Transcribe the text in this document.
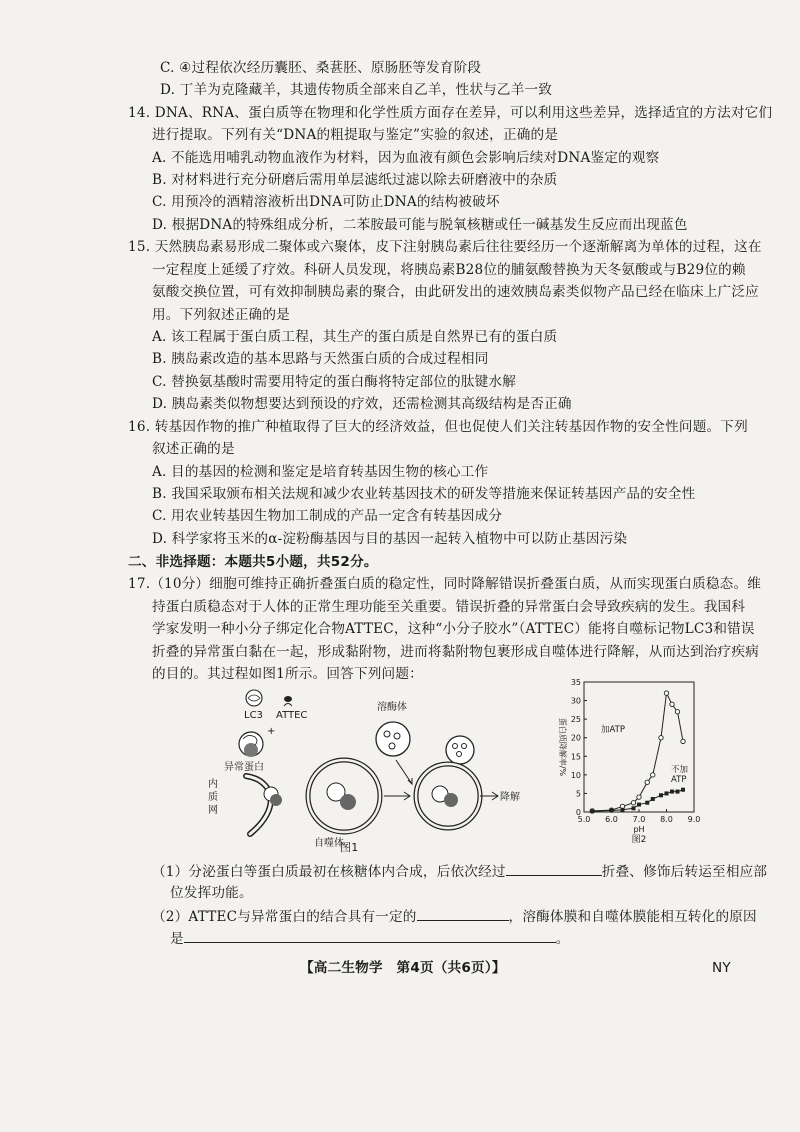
C. ④过程依次经历囊胚、桑葚胚、原肠胚等发育阶段
D. 丁羊为克隆藏羊，其遗传物质全部来自乙羊，性状与乙羊一致
14. DNA、RNA、蛋白质等在物理和化学性质方面存在差异，可以利用这些差异，选择适宜的方法对它们
进行提取。下列有关“DNA的粗提取与鉴定”实验的叙述，正确的是
A. 不能选用哺乳动物血液作为材料，因为血液有颜色会影响后续对DNA鉴定的观察
B. 对材料进行充分研磨后需用单层滤纸过滤以除去研磨液中的杂质
C. 用预冷的酒精溶液析出DNA可防止DNA的结构被破坏
D. 根据DNA的特殊组成分析，二苯胺最可能与脱氧核糖或任一碱基发生反应而出现蓝色
15. 天然胰岛素易形成二聚体或六聚体，皮下注射胰岛素后往往要经历一个逐渐解离为单体的过程，这在
一定程度上延缓了疗效。科研人员发现，将胰岛素B28位的脯氨酸替换为天冬氨酸或与B29位的赖
氨酸交换位置，可有效抑制胰岛素的聚合，由此研发出的速效胰岛素类似物产品已经在临床上广泛应
用。下列叙述正确的是
A. 该工程属于蛋白质工程，其生产的蛋白质是自然界已有的蛋白质
B. 胰岛素改造的基本思路与天然蛋白质的合成过程相同
C. 替换氨基酸时需要用特定的蛋白酶将特定部位的肽键水解
D. 胰岛素类似物想要达到预设的疗效，还需检测其高级结构是否正确
16. 转基因作物的推广种植取得了巨大的经济效益，但也促使人们关注转基因作物的安全性问题。下列
叙述正确的是
A. 目的基因的检测和鉴定是培育转基因生物的核心工作
B. 我国采取颁布相关法规和减少农业转基因技术的研发等措施来保证转基因产品的安全性
C. 用农业转基因生物加工制成的产品一定含有转基因成分
D. 科学家将玉米的α-淀粉酶基因与目的基因一起转入植物中可以防止基因污染
二、非选择题：本题共5小题，共52分。
17.（10分）细胞可维持正确折叠蛋白质的稳定性，同时降解错误折叠蛋白质，从而实现蛋白质稳态。维
持蛋白质稳态对于人体的正常生理功能至关重要。错误折叠的异常蛋白会导致疾病的发生。我国科
学家发明一种小分子绑定化合物ATTEC，这种“小分子胶水”（ATTEC）能将自噬标记物LC3和错误
折叠的异常蛋白黏在一起，形成黏附物，进而将黏附物包裹形成自噬体进行降解，从而达到治疗疾病
的目的。其过程如图1所示。回答下列问题：
LC3 ATTEC
+
异常蛋白
内
质
网
自噬体
溶酶体
降解
图1
0
5
10
15
20
25
30
35
5.0 6.0 7.0 8.0 9.0
pH
蛋白质降解率/%	加ATP
不加
ATP
图2
（1）分泌蛋白等蛋白质最初在核糖体内合成，后依次经过	折叠、修饰后转运至相应部
位发挥功能。
（2）ATTEC与异常蛋白的结合具有一定的	，溶酶体膜和自噬体膜能相互转化的原因
是	。
【高二生物学　第4页（共6页）】	NY
